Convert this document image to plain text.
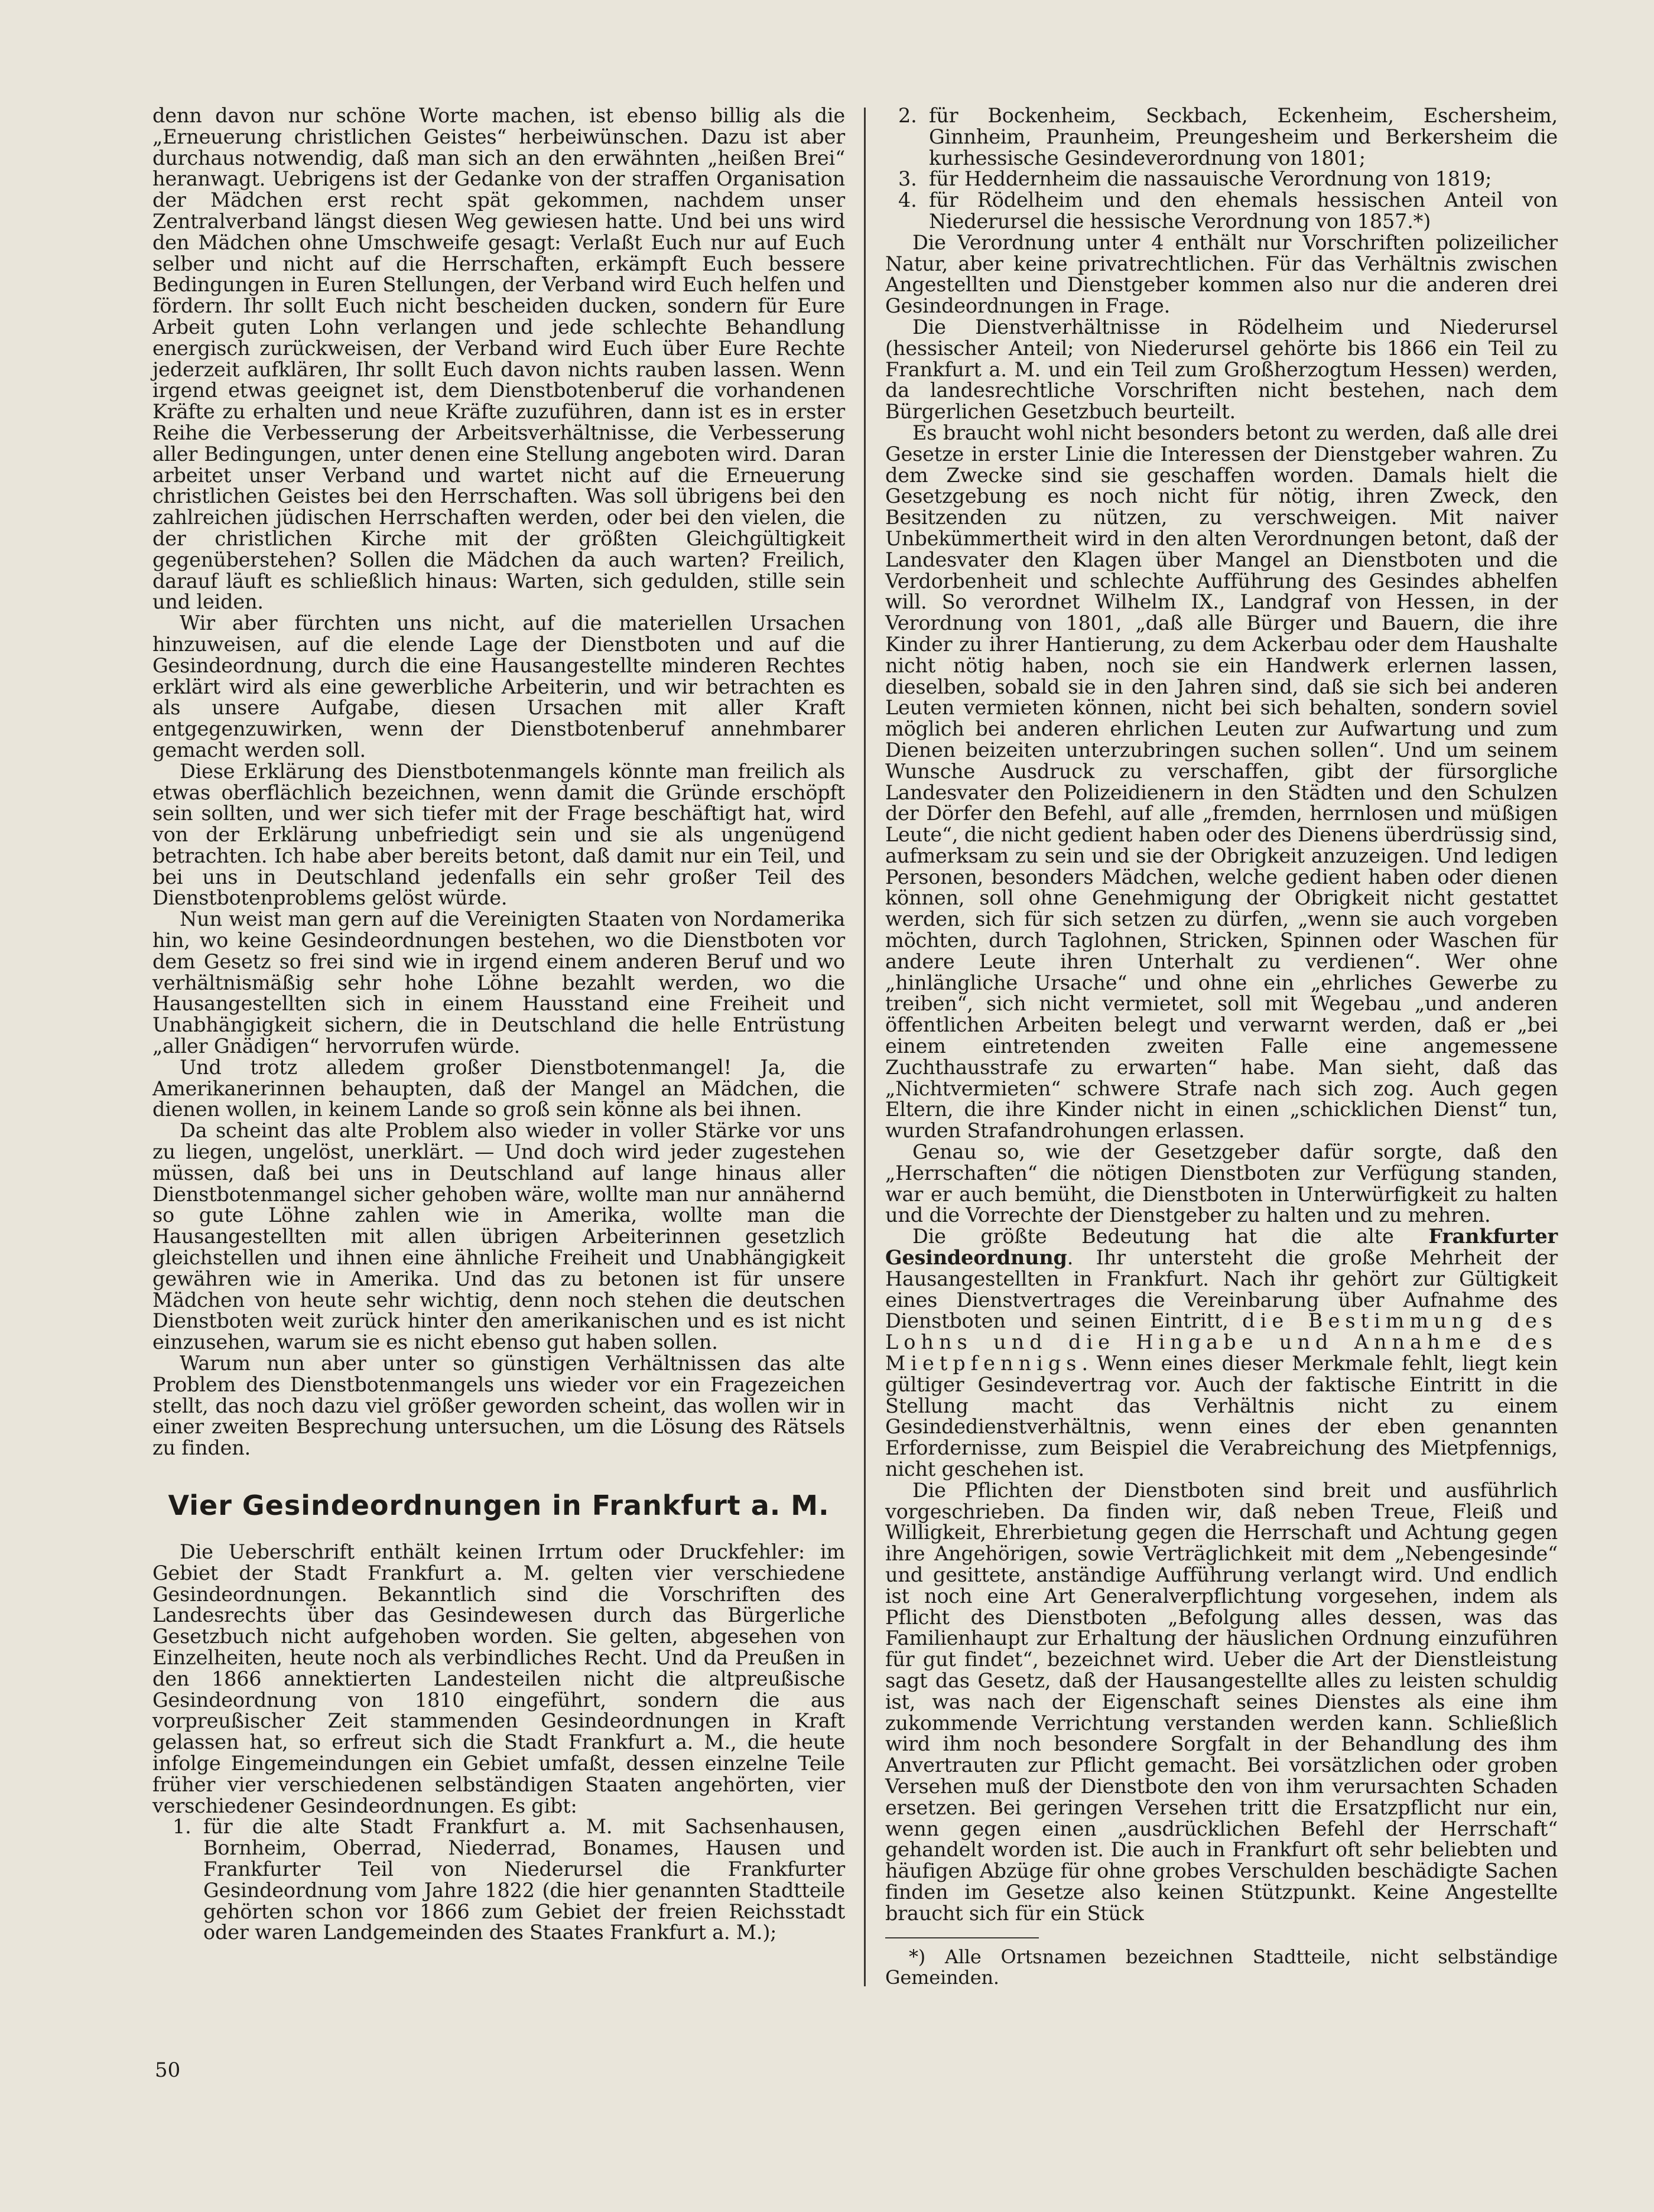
denn davon nur schöne Worte machen, ist ebenso billig als die „Erneuerung christlichen Geistes“ herbeiwünschen. Dazu ist aber durchaus notwendig, daß man sich an den erwähnten „heißen Brei“ heranwagt. Uebrigens ist der Gedanke von der straffen Organisation der Mädchen erst recht spät gekommen, nachdem unser Zentralverband längst diesen Weg gewiesen hatte. Und bei uns wird den Mädchen ohne Umschweife gesagt: Verlaßt Euch nur auf Euch selber und nicht auf die Herrschaften, erkämpft Euch bessere Bedingungen in Euren Stellungen, der Verband wird Euch helfen und fördern. Ihr sollt Euch nicht bescheiden ducken, sondern für Eure Arbeit guten Lohn verlangen und jede schlechte Behandlung energisch zurückweisen, der Verband wird Euch über Eure Rechte jederzeit aufklären, Ihr sollt Euch davon nichts rauben lassen. Wenn irgend etwas geeignet ist, dem Dienstbotenberuf die vorhandenen Kräfte zu erhalten und neue Kräfte zuzuführen, dann ist es in erster Reihe die Verbesserung der Arbeitsverhältnisse, die Verbesserung aller Bedingungen, unter denen eine Stellung angeboten wird. Daran arbeitet unser Verband und wartet nicht auf die Erneuerung christlichen Geistes bei den Herrschaften. Was soll übrigens bei den zahlreichen jüdischen Herrschaften werden, oder bei den vielen, die der christlichen Kirche mit der größten Gleichgültigkeit gegenüberstehen? Sollen die Mädchen da auch warten? Freilich, darauf läuft es schließlich hinaus: Warten, sich gedulden, stille sein und leiden.

Wir aber fürchten uns nicht, auf die materiellen Ursachen hinzuweisen, auf die elende Lage der Dienstboten und auf die Gesindeordnung, durch die eine Hausangestellte minderen Rechtes erklärt wird als eine gewerbliche Arbeiterin, und wir betrachten es als unsere Aufgabe, diesen Ursachen mit aller Kraft entgegenzuwirken, wenn der Dienstbotenberuf annehmbarer gemacht werden soll.

Diese Erklärung des Dienstbotenmangels könnte man freilich als etwas oberflächlich bezeichnen, wenn damit die Gründe erschöpft sein sollten, und wer sich tiefer mit der Frage beschäftigt hat, wird von der Erklärung unbefriedigt sein und sie als ungenügend betrachten. Ich habe aber bereits betont, daß damit nur ein Teil, und bei uns in Deutschland jedenfalls ein sehr großer Teil des Dienstbotenproblems gelöst würde.

Nun weist man gern auf die Vereinigten Staaten von Nordamerika hin, wo keine Gesindeordnungen bestehen, wo die Dienstboten vor dem Gesetz so frei sind wie in irgend einem anderen Beruf und wo verhältnismäßig sehr hohe Löhne bezahlt werden, wo die Hausangestellten sich in einem Hausstand eine Freiheit und Unabhängigkeit sichern, die in Deutschland die helle Entrüstung „aller Gnädigen“ hervorrufen würde.

Und trotz alledem großer Dienstbotenmangel! Ja, die Amerikanerinnen behaupten, daß der Mangel an Mädchen, die dienen wollen, in keinem Lande so groß sein könne als bei ihnen.

Da scheint das alte Problem also wieder in voller Stärke vor uns zu liegen, ungelöst, unerklärt. — Und doch wird jeder zugestehen müssen, daß bei uns in Deutschland auf lange hinaus aller Dienstbotenmangel sicher gehoben wäre, wollte man nur annähernd so gute Löhne zahlen wie in Amerika, wollte man die Hausangestellten mit allen übrigen Arbeiterinnen gesetzlich gleichstellen und ihnen eine ähnliche Freiheit und Unabhängigkeit gewähren wie in Amerika. Und das zu betonen ist für unsere Mädchen von heute sehr wichtig, denn noch stehen die deutschen Dienstboten weit zurück hinter den amerikanischen und es ist nicht einzusehen, warum sie es nicht ebenso gut haben sollen.

Warum nun aber unter so günstigen Verhältnissen das alte Problem des Dienstbotenmangels uns wieder vor ein Fragezeichen stellt, das noch dazu viel größer geworden scheint, das wollen wir in einer zweiten Besprechung untersuchen, um die Lösung des Rätsels zu finden.

Vier Gesindeordnungen in Frankfurt a. M.

Die Ueberschrift enthält keinen Irrtum oder Druckfehler: im Gebiet der Stadt Frankfurt a. M. gelten vier verschiedene Gesindeordnungen. Bekanntlich sind die Vorschriften des Landesrechts über das Gesindewesen durch das Bürgerliche Gesetzbuch nicht aufgehoben worden. Sie gelten, abgesehen von Einzelheiten, heute noch als verbindliches Recht. Und da Preußen in den 1866 annektierten Landesteilen nicht die altpreußische Gesindeordnung von 1810 eingeführt, sondern die aus vorpreußischer Zeit stammenden Gesindeordnungen in Kraft gelassen hat, so erfreut sich die Stadt Frankfurt a. M., die heute infolge Eingemeindungen ein Gebiet umfaßt, dessen einzelne Teile früher vier verschiedenen selbständigen Staaten angehörten, vier verschiedener Gesindeordnungen. Es gibt:

1. für die alte Stadt Frankfurt a. M. mit Sachsenhausen, Bornheim, Oberrad, Niederrad, Bonames, Hausen und Frankfurter Teil von Niederursel die Frankfurter Gesindeordnung vom Jahre 1822 (die hier genannten Stadtteile gehörten schon vor 1866 zum Gebiet der freien Reichsstadt oder waren Landgemeinden des Staates Frankfurt a. M.);
2. für Bockenheim, Seckbach, Eckenheim, Eschersheim, Ginnheim, Praunheim, Preungesheim und Berkersheim die kurhessische Gesindeverordnung von 1801;
3. für Heddernheim die nassauische Verordnung von 1819;
4. für Rödelheim und den ehemals hessischen Anteil von Niederursel die hessische Verordnung von 1857.*)

Die Verordnung unter 4 enthält nur Vorschriften polizeilicher Natur, aber keine privatrechtlichen. Für das Verhältnis zwischen Angestellten und Dienstgeber kommen also nur die anderen drei Gesindeordnungen in Frage.

Die Dienstverhältnisse in Rödelheim und Niederursel (hessischer Anteil; von Niederursel gehörte bis 1866 ein Teil zu Frankfurt a. M. und ein Teil zum Großherzogtum Hessen) werden, da landesrechtliche Vorschriften nicht bestehen, nach dem Bürgerlichen Gesetzbuch beurteilt.

Es braucht wohl nicht besonders betont zu werden, daß alle drei Gesetze in erster Linie die Interessen der Dienstgeber wahren. Zu dem Zwecke sind sie geschaffen worden. Damals hielt die Gesetzgebung es noch nicht für nötig, ihren Zweck, den Besitzenden zu nützen, zu verschweigen. Mit naiver Unbekümmertheit wird in den alten Verordnungen betont, daß der Landesvater den Klagen über Mangel an Dienstboten und die Verdorbenheit und schlechte Aufführung des Gesindes abhelfen will. So verordnet Wilhelm IX., Landgraf von Hessen, in der Verordnung von 1801, „daß alle Bürger und Bauern, die ihre Kinder zu ihrer Hantierung, zu dem Ackerbau oder dem Haushalte nicht nötig haben, noch sie ein Handwerk erlernen lassen, dieselben, sobald sie in den Jahren sind, daß sie sich bei anderen Leuten vermieten können, nicht bei sich behalten, sondern soviel möglich bei anderen ehrlichen Leuten zur Aufwartung und zum Dienen beizeiten unterzubringen suchen sollen“. Und um seinem Wunsche Ausdruck zu verschaffen, gibt der fürsorgliche Landesvater den Polizeidienern in den Städten und den Schulzen der Dörfer den Befehl, auf alle „fremden, herrnlosen und müßigen Leute“, die nicht gedient haben oder des Dienens überdrüssig sind, aufmerksam zu sein und sie der Obrigkeit anzuzeigen. Und ledigen Personen, besonders Mädchen, welche gedient haben oder dienen können, soll ohne Genehmigung der Obrigkeit nicht gestattet werden, sich für sich setzen zu dürfen, „wenn sie auch vorgeben möchten, durch Taglohnen, Stricken, Spinnen oder Waschen für andere Leute ihren Unterhalt zu verdienen“. Wer ohne „hinlängliche Ursache“ und ohne ein „ehrliches Gewerbe zu treiben“, sich nicht vermietet, soll mit Wegebau „und anderen öffentlichen Arbeiten belegt und verwarnt werden, daß er „bei einem eintretenden zweiten Falle eine angemessene Zuchthausstrafe zu erwarten“ habe. Man sieht, daß das „Nichtvermieten“ schwere Strafe nach sich zog. Auch gegen Eltern, die ihre Kinder nicht in einen „schicklichen Dienst“ tun, wurden Strafandrohungen erlassen.

Genau so, wie der Gesetzgeber dafür sorgte, daß den „Herrschaften“ die nötigen Dienstboten zur Verfügung standen, war er auch bemüht, die Dienstboten in Unterwürfigkeit zu halten und die Vorrechte der Dienstgeber zu halten und zu mehren.

Die größte Bedeutung hat die alte Frankfurter Gesindeordnung. Ihr untersteht die große Mehrheit der Hausangestellten in Frankfurt. Nach ihr gehört zur Gültigkeit eines Dienstvertrages die Vereinbarung über Aufnahme des Dienstboten und seinen Eintritt, die Bestimmung des Lohns und die Hingabe und Annahme des Mietpfennigs. Wenn eines dieser Merkmale fehlt, liegt kein gültiger Gesindevertrag vor. Auch der faktische Eintritt in die Stellung macht das Verhältnis nicht zu einem Gesindedienstverhältnis, wenn eines der eben genannten Erfordernisse, zum Beispiel die Verabreichung des Mietpfennigs, nicht geschehen ist.

Die Pflichten der Dienstboten sind breit und ausführlich vorgeschrieben. Da finden wir, daß neben Treue, Fleiß und Willigkeit, Ehrerbietung gegen die Herrschaft und Achtung gegen ihre Angehörigen, sowie Verträglichkeit mit dem „Nebengesinde“ und gesittete, anständige Aufführung verlangt wird. Und endlich ist noch eine Art Generalverpflichtung vorgesehen, indem als Pflicht des Dienstboten „Befolgung alles dessen, was das Familienhaupt zur Erhaltung der häuslichen Ordnung einzuführen für gut findet“, bezeichnet wird. Ueber die Art der Dienstleistung sagt das Gesetz, daß der Hausangestellte alles zu leisten schuldig ist, was nach der Eigenschaft seines Dienstes als eine ihm zukommende Verrichtung verstanden werden kann. Schließlich wird ihm noch besondere Sorgfalt in der Behandlung des ihm Anvertrauten zur Pflicht gemacht. Bei vorsätzlichen oder groben Versehen muß der Dienstbote den von ihm verursachten Schaden ersetzen. Bei geringen Versehen tritt die Ersatzpflicht nur ein, wenn gegen einen „ausdrücklichen Befehl der Herrschaft“ gehandelt worden ist. Die auch in Frankfurt oft sehr beliebten und häufigen Abzüge für ohne grobes Verschulden beschädigte Sachen finden im Gesetze also keinen Stützpunkt. Keine Angestellte braucht sich für ein Stück

*) Alle Ortsnamen bezeichnen Stadtteile, nicht selbständige Gemeinden.

50
